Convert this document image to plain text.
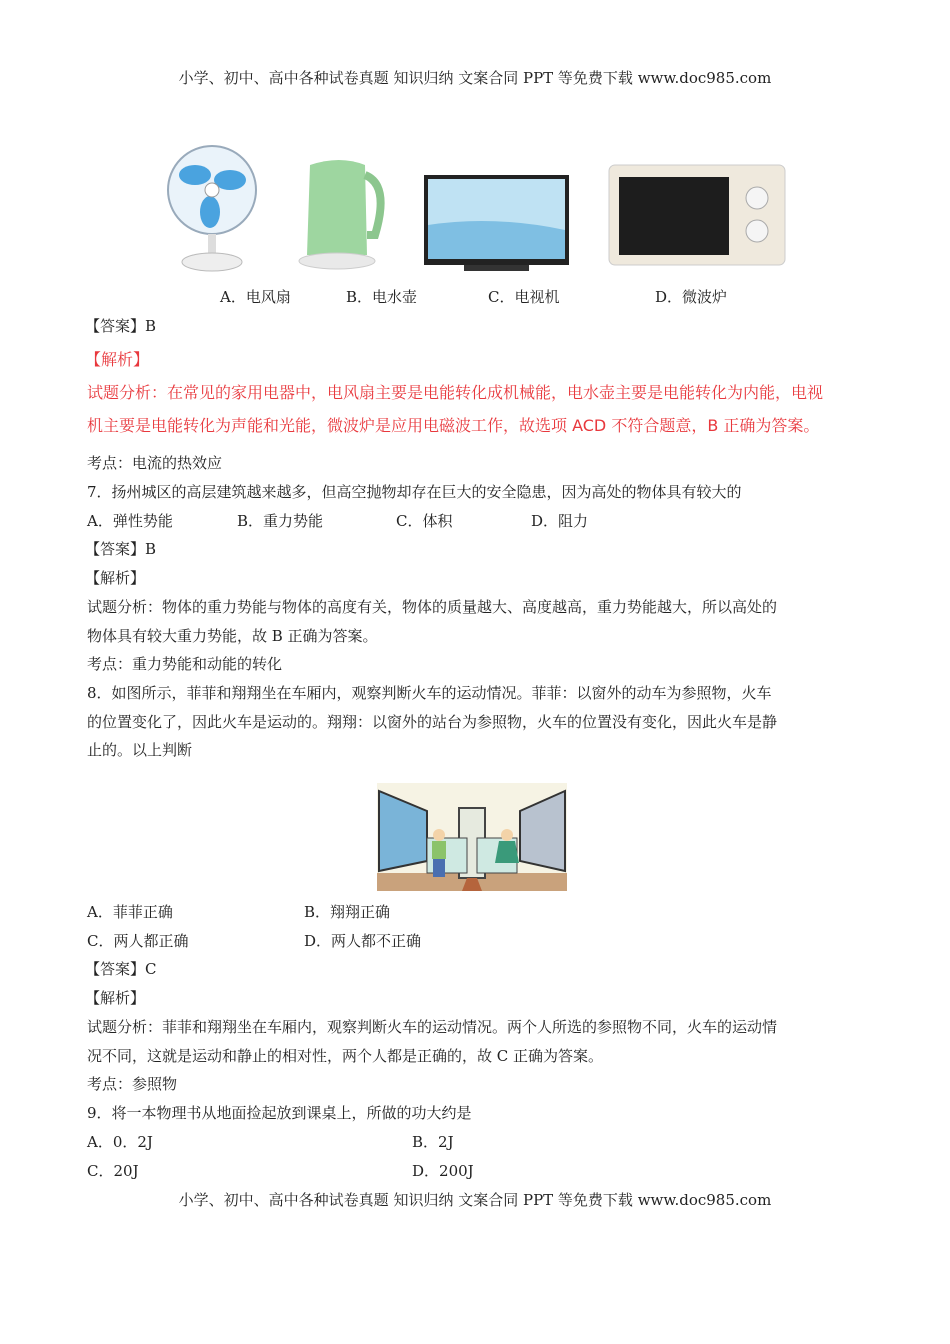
小学、初中、高中各种试卷真题 知识归纳 文案合同 PPT 等免费下载 www.doc985.com
A．电风扇	B．电水壶	C．电视机	D．微波炉
【答案】B
【解析】
试题分析：在常见的家用电器中，电风扇主要是电能转化成机械能，电水壶主要是电能转化为内能，电视
机主要是电能转化为声能和光能，微波炉是应用电磁波工作，故选项 ACD 不符合题意，B 正确为答案。
考点：电流的热效应
7．扬州城区的高层建筑越来越多，但高空抛物却存在巨大的安全隐患，因为高处的物体具有较大的
A．弹性势能	B．重力势能	C．体积	D．阻力
【答案】B
【解析】
试题分析：物体的重力势能与物体的高度有关，物体的质量越大、高度越高，重力势能越大，所以高处的
物体具有较大重力势能，故 B 正确为答案。
考点：重力势能和动能的转化
8．如图所示，菲菲和翔翔坐在车厢内，观察判断火车的运动情况。菲菲：以窗外的动车为参照物，火车
的位置变化了，因此火车是运动的。翔翔：以窗外的站台为参照物，火车的位置没有变化，因此火车是静
止的。以上判断
A．菲菲正确	B．翔翔正确
C．两人都正确	D．两人都不正确
【答案】C
【解析】
试题分析：菲菲和翔翔坐在车厢内，观察判断火车的运动情况。两个人所选的参照物不同，火车的运动情
况不同，这就是运动和静止的相对性，两个人都是正确的，故 C 正确为答案。
考点：参照物
9．将一本物理书从地面捡起放到课桌上，所做的功大约是
A．0．2J	B．2J
C．20J	D．200J
小学、初中、高中各种试卷真题 知识归纳 文案合同 PPT 等免费下载 www.doc985.com
